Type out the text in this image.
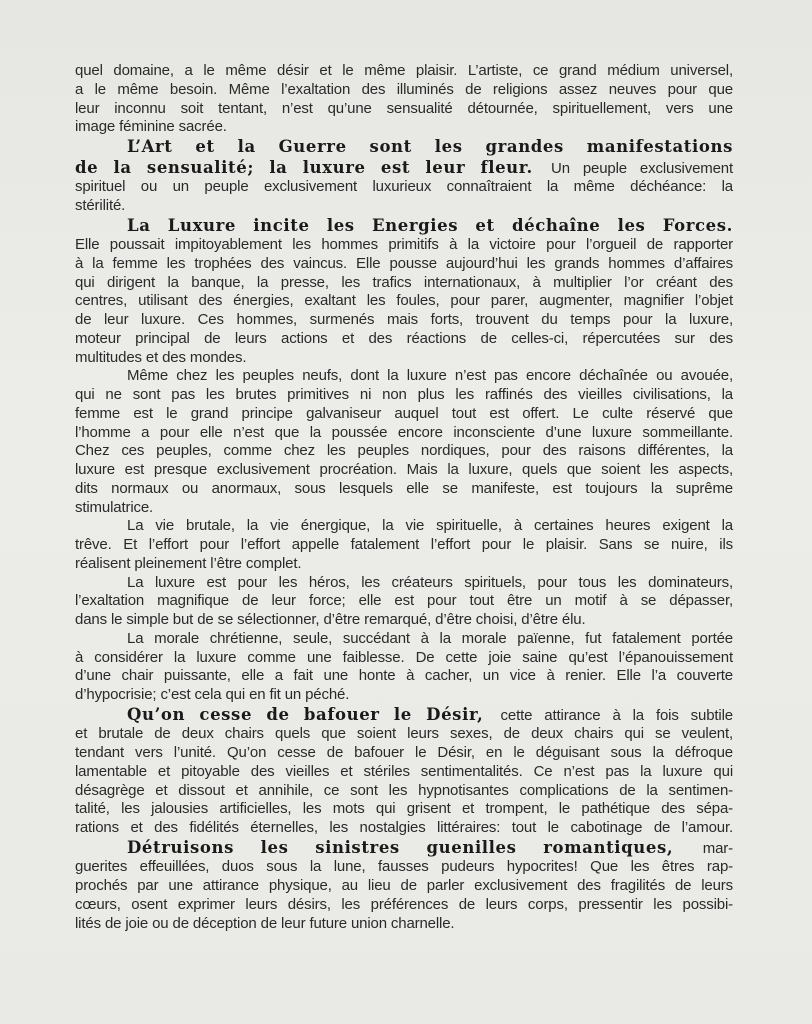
quel domaine, a le même désir et le même plaisir. L’artiste, ce grand médium universel,
a le même besoin. Même l’exaltation des illuminés de religions assez neuves pour que
leur inconnu soit tentant, n’est qu’une sensualité détournée, spirituellement, vers une
image féminine sacrée.
L’Art et la Guerre sont les grandes manifestations
de la sensualité; la luxure est leur fleur. Un peuple exclusivement
spirituel ou un peuple exclusivement luxurieux connaîtraient la même déchéance: la
stérilité.
La Luxure incite les Energies et déchaîne les Forces.
Elle poussait impitoyablement les hommes primitifs à la victoire pour l’orgueil de rapporter
à la femme les trophées des vaincus. Elle pousse aujourd’hui les grands hommes d’affaires
qui dirigent la banque, la presse, les trafics internationaux, à multiplier l’or créant des
centres, utilisant des énergies, exaltant les foules, pour parer, augmenter, magnifier l’objet
de leur luxure. Ces hommes, surmenés mais forts, trouvent du temps pour la luxure,
moteur principal de leurs actions et des réactions de celles-ci, répercutées sur des
multitudes et des mondes.
Même chez les peuples neufs, dont la luxure n’est pas encore déchaînée ou avouée,
qui ne sont pas les brutes primitives ni non plus les raffinés des vieilles civilisations, la
femme est le grand principe galvaniseur auquel tout est offert. Le culte réservé que
l’homme a pour elle n’est que la poussée encore inconsciente d’une luxure sommeillante.
Chez ces peuples, comme chez les peuples nordiques, pour des raisons différentes, la
luxure est presque exclusivement procréation. Mais la luxure, quels que soient les aspects,
dits normaux ou anormaux, sous lesquels elle se manifeste, est toujours la suprême
stimulatrice.
La vie brutale, la vie énergique, la vie spirituelle, à certaines heures exigent la
trêve. Et l’effort pour l’effort appelle fatalement l’effort pour le plaisir. Sans se nuire, ils
réalisent pleinement l’être complet.
La luxure est pour les héros, les créateurs spirituels, pour tous les dominateurs,
l’exaltation magnifique de leur force; elle est pour tout être un motif à se dépasser,
dans le simple but de se sélectionner, d’être remarqué, d’être choisi, d’être élu.
La morale chrétienne, seule, succédant à la morale païenne, fut fatalement portée
à considérer la luxure comme une faiblesse. De cette joie saine qu’est l’épanouissement
d’une chair puissante, elle a fait une honte à cacher, un vice à renier. Elle l’a couverte
d’hypocrisie; c’est cela qui en fit un péché.
Qu’on cesse de bafouer le Désir, cette attirance à la fois subtile
et brutale de deux chairs quels que soient leurs sexes, de deux chairs qui se veulent,
tendant vers l’unité. Qu’on cesse de bafouer le Désir, en le déguisant sous la défroque
lamentable et pitoyable des vieilles et stériles sentimentalités. Ce n’est pas la luxure qui
désagrège et dissout et annihile, ce sont les hypnotisantes complications de la sentimen-
talité, les jalousies artificielles, les mots qui grisent et trompent, le pathétique des sépa-
rations et des fidélités éternelles, les nostalgies littéraires: tout le cabotinage de l’amour.
Détruisons les sinistres guenilles romantiques, mar-
guerites effeuillées, duos sous la lune, fausses pudeurs hypocrites! Que les êtres rap-
prochés par une attirance physique, au lieu de parler exclusivement des fragilités de leurs
cœurs, osent exprimer leurs désirs, les préférences de leurs corps, pressentir les possibi-
lités de joie ou de déception de leur future union charnelle.
